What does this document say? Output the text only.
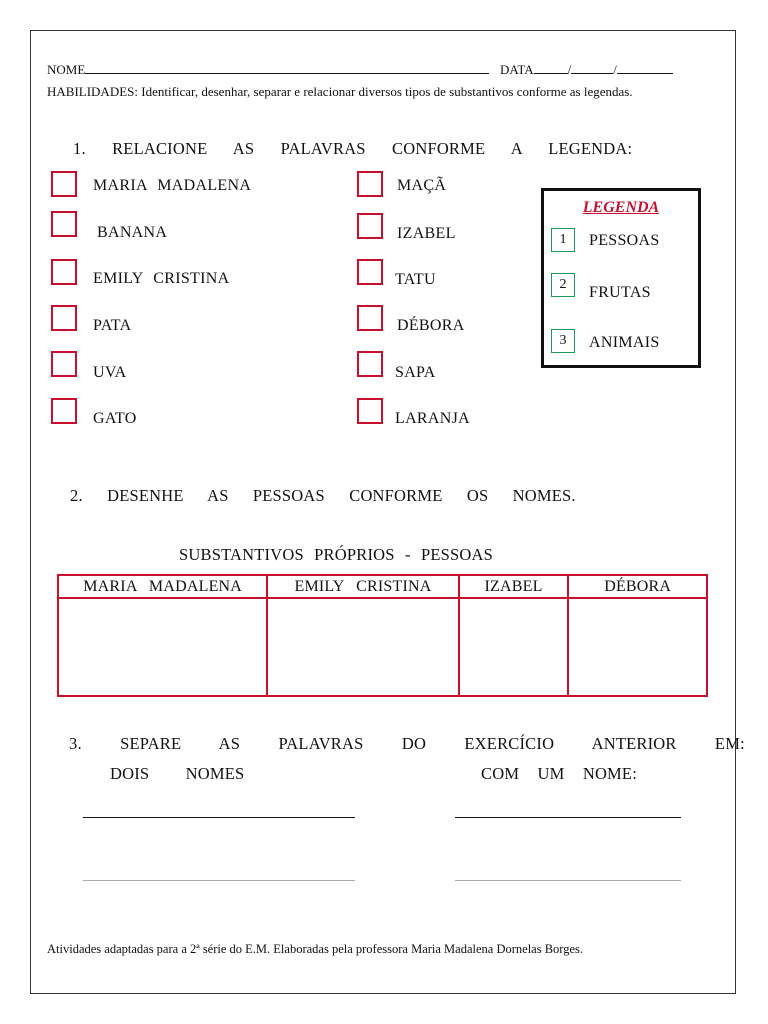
NOME	DATA	/	/
HABILIDADES: Identificar, desenhar, separar e relacionar diversos tipos de substantivos conforme as legendas.
1. RELACIONE AS PALAVRAS CONFORME A LEGENDA:
MARIA MADALENA
BANANA
EMILY CRISTINA
PATA
UVA
GATO
MAÇÃ
IZABEL
TATU
DÉBORA
SAPA
LARANJA
LEGENDA
1	PESSOAS
2	FRUTAS
3	ANIMAIS
2. DESENHE AS PESSOAS CONFORME OS NOMES.
SUBSTANTIVOS PRÓPRIOS - PESSOAS
MARIA MADALENA	EMILY CRISTINA	IZABEL	DÉBORA

3. SEPARE AS PALAVRAS DO EXERCÍCIO ANTERIOR EM:
DOIS NOMES	COM UM NOME:
Atividades adaptadas para a 2ª série do E.M. Elaboradas pela professora Maria Madalena Dornelas Borges.
